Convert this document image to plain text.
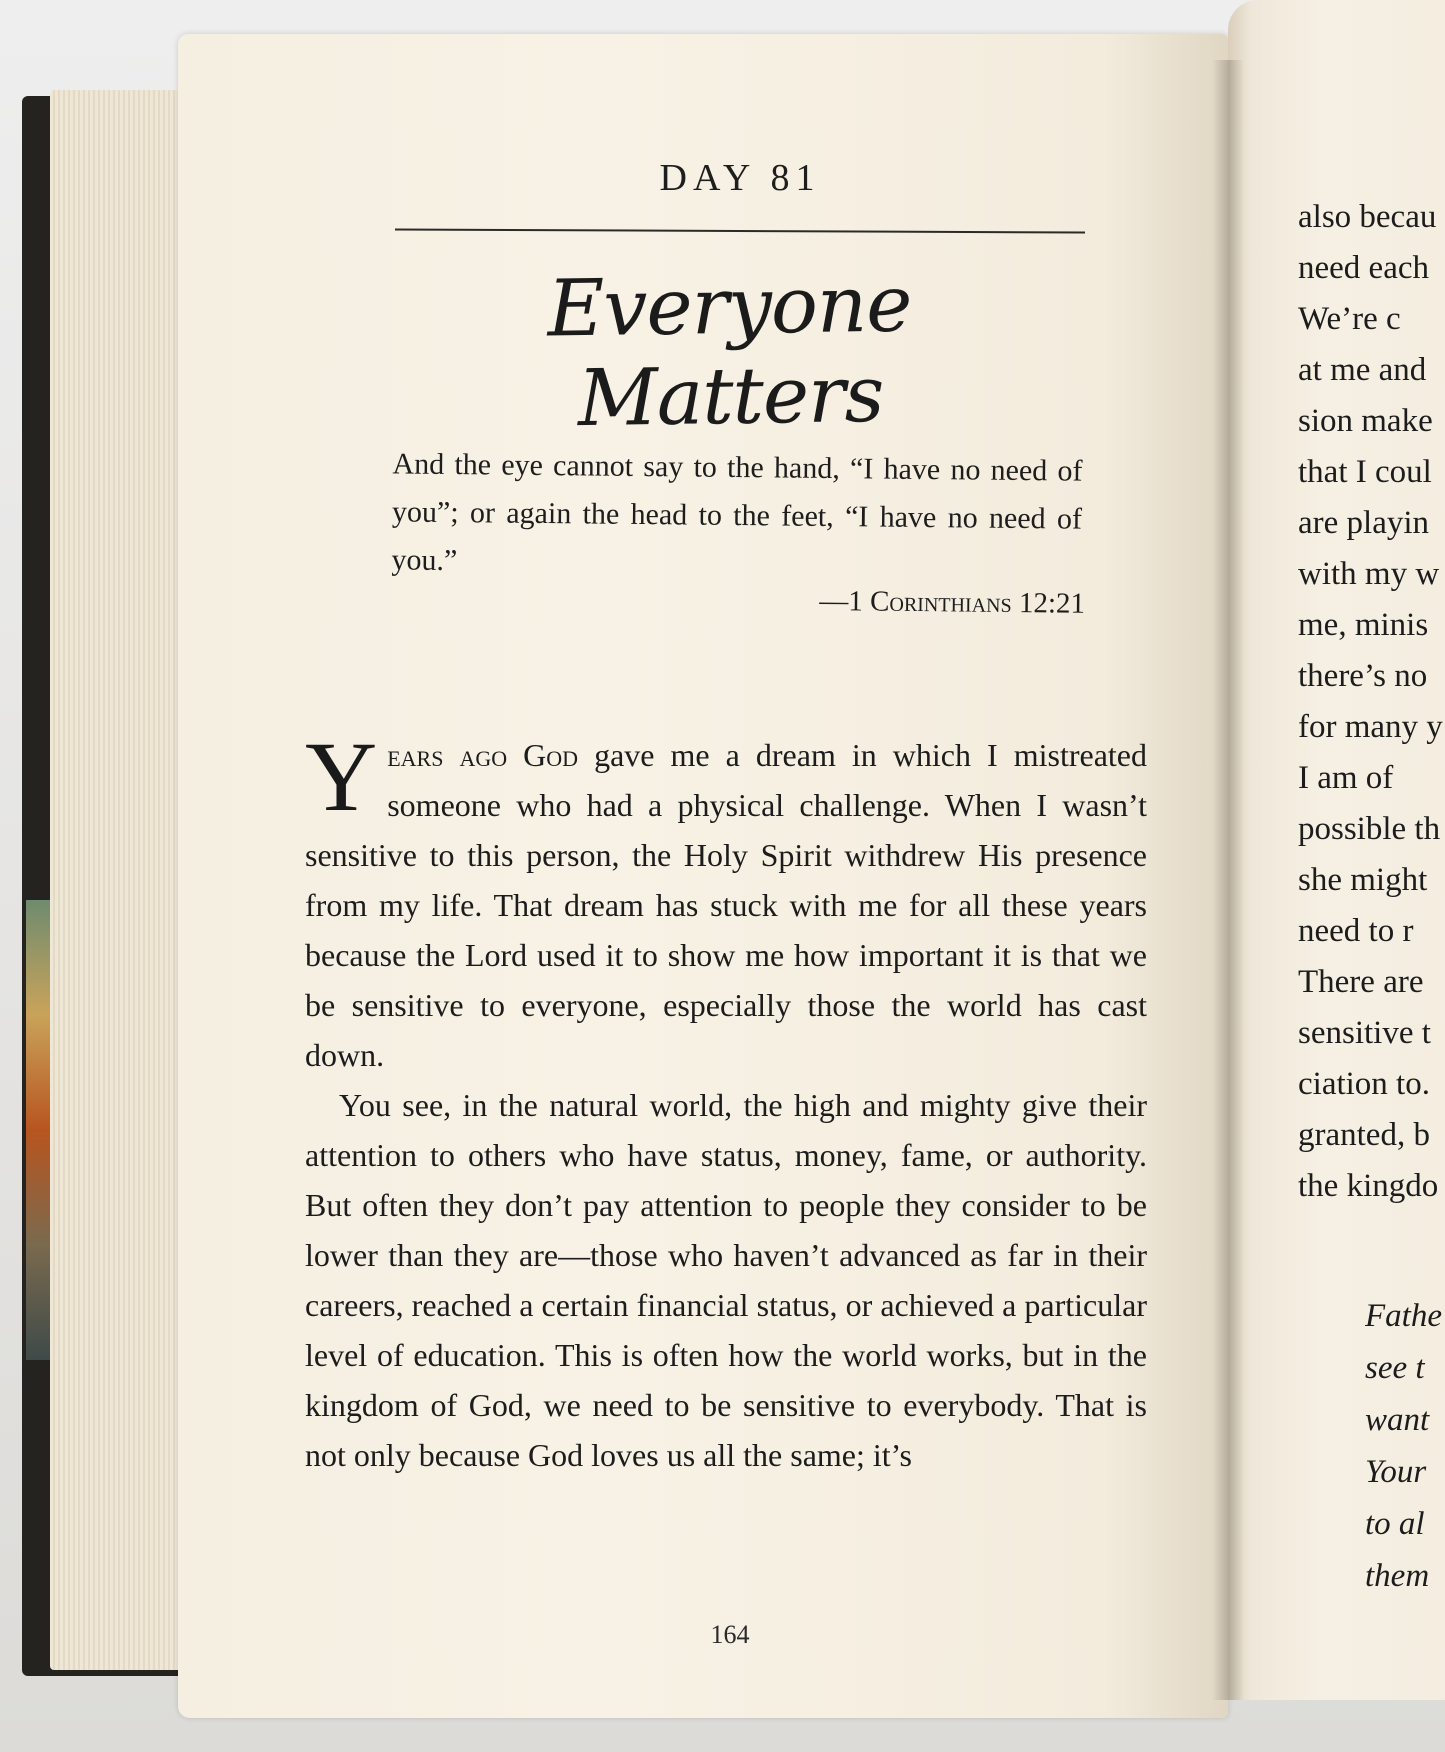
DAY 81
Everyone Matters
And the eye cannot say to the hand, “I have no need of you”; or again the head to the feet, “I have no need of you.”
—1 Corinthians 12:21

Years ago God gave me a dream in which I mistreated someone who had a physical challenge. When I wasn’t sensitive to this person, the Holy Spirit withdrew His presence from my life. That dream has stuck with me for all these years because the Lord used it to show me how important it is that we be sensitive to everyone, especially those the world has cast down.

You see, in the natural world, the high and mighty give their attention to others who have status, money, fame, or authority. But often they don’t pay attention to people they consider to be lower than they are—those who haven’t advanced as far in their careers, reached a certain financial status, or achieved a particular level of education. This is often how the world works, but in the kingdom of God, we need to be sensitive to everybody. That is not only because God loves us all the same; it’s

164
also becau
need each
We’re c
at me and
sion make
that I coul
are playin
with my w
me, minis
there’s no
for many y
I am of
possible th
she might
need to r
There are
sensitive t
ciation to.
granted, b
the kingdo
Fathe
see t
want
Your
to al
them
